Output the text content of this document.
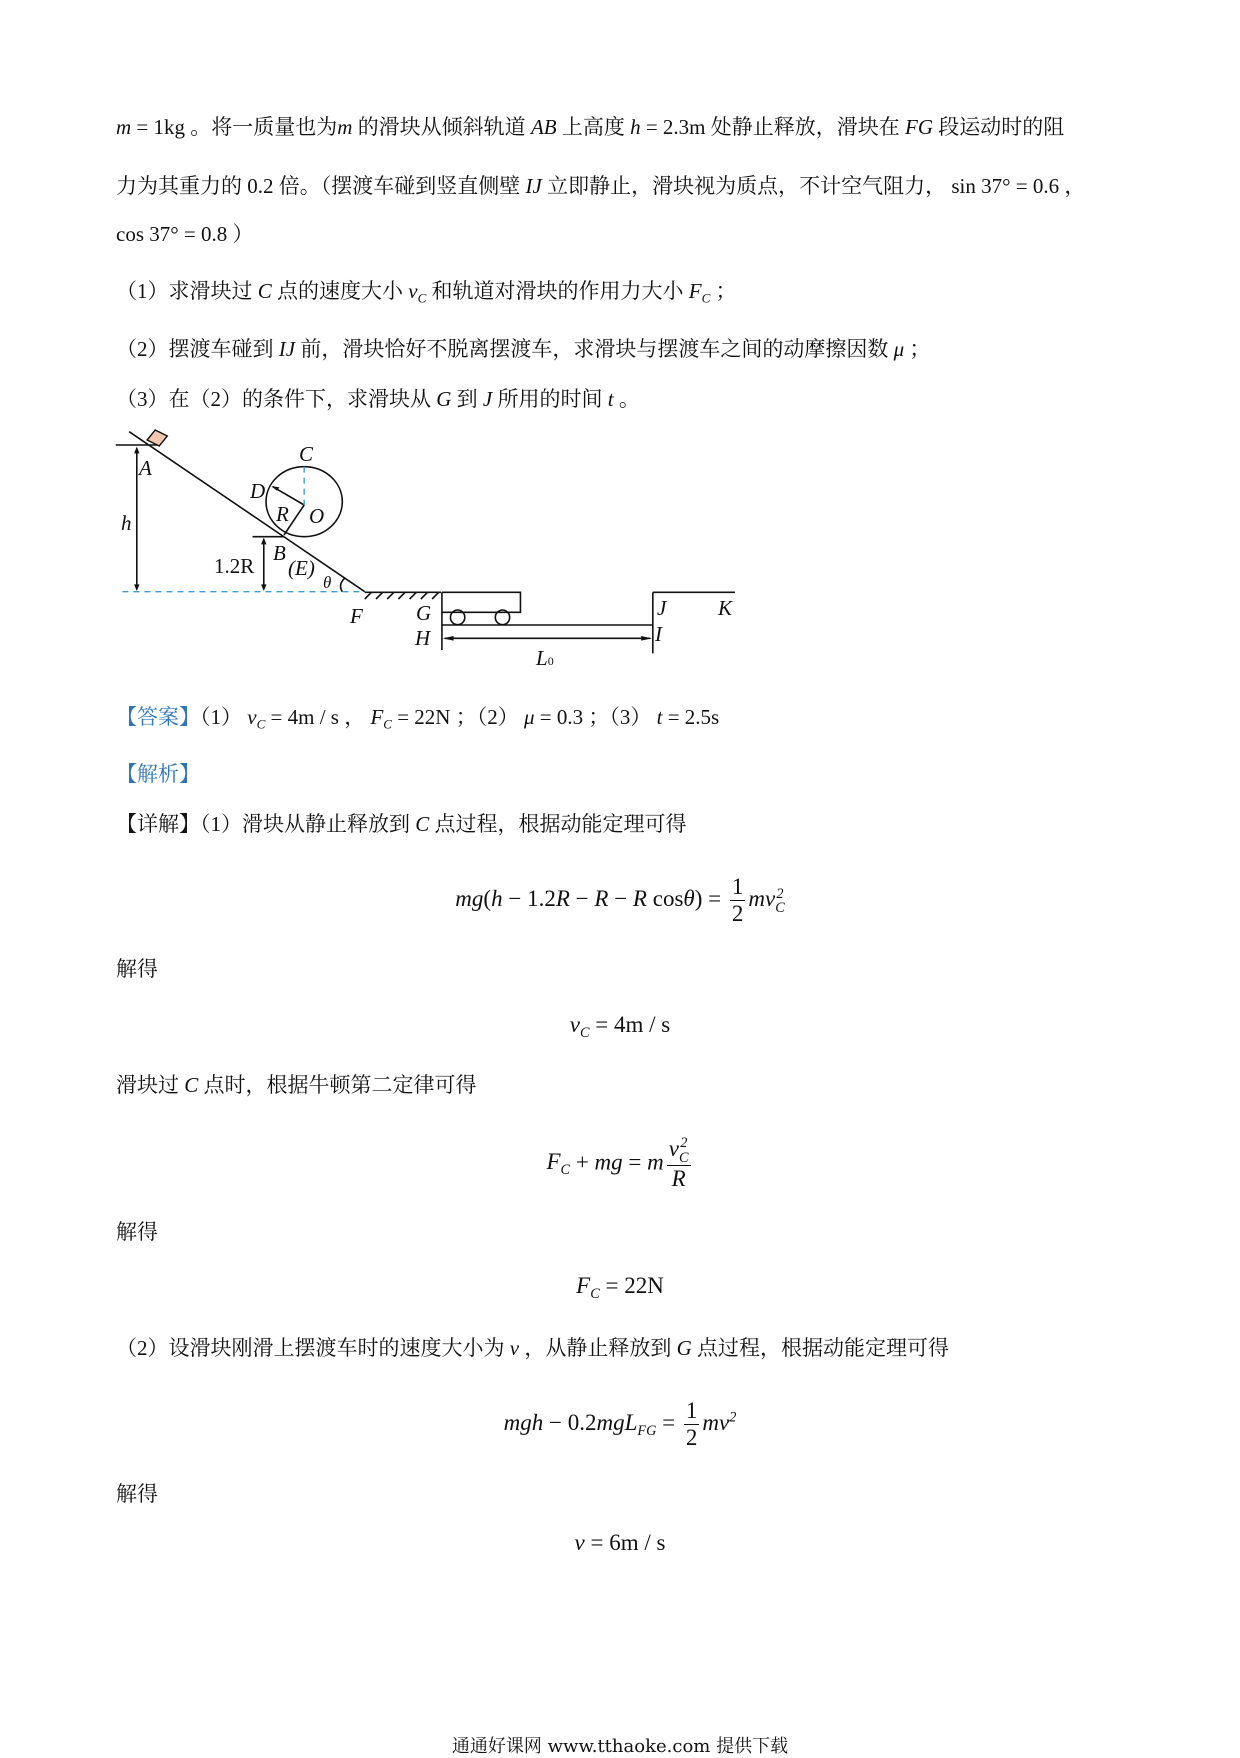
m = 1kg 。将一质量也为m 的滑块从倾斜轨道 AB 上高度 h = 2.3m 处静止释放，滑块在 FG 段运动时的阻
力为其重力的 0.2 倍。（摆渡车碰到竖直侧壁 IJ 立即静止，滑块视为质点，不计空气阻力， sin 37° = 0.6 ，
cos 37° = 0.8 ）
（1）求滑块过 C 点的速度大小 $v_C$ 和轨道对滑块的作用力大小 $F_C$ ；
（2）摆渡车碰到 IJ 前，滑块恰好不脱离摆渡车，求滑块与摆渡车之间的动摩擦因数 μ ；
（3）在（2）的条件下，求滑块从 G 到 J 所用的时间 t 。
A
C
D
R O
B
1.2R (E)
θ
F	G
H
J K
I
h
L0
【答案】（1） $v_C = 4m / s$ ， $F_C = 22N$ ；（2） μ = 0.3 ；（3） t = 2.5s
【解析】
【详解】（1）滑块从静止释放到 C 点过程，根据动能定理可得
mg(h − 1.2R − R − R $\cos\theta) = \frac{1}{2}$ mv 2
C
解得
$v_C = 4m / s$
滑块过 C 点时，根据牛顿第二定律可得
$F_C$ + mg = m v 2
C
R
解得
$F_C = 22N$
（2）设滑块刚滑上摆渡车时的速度大小为 v ，从静止释放到 G 点过程，根据动能定理可得
mgh − $0.2mgL_{FG} = \frac{1}{2} mv^2$
解得
v = 6m / s
通通好课网 www.tthaoke.com 提供下载
